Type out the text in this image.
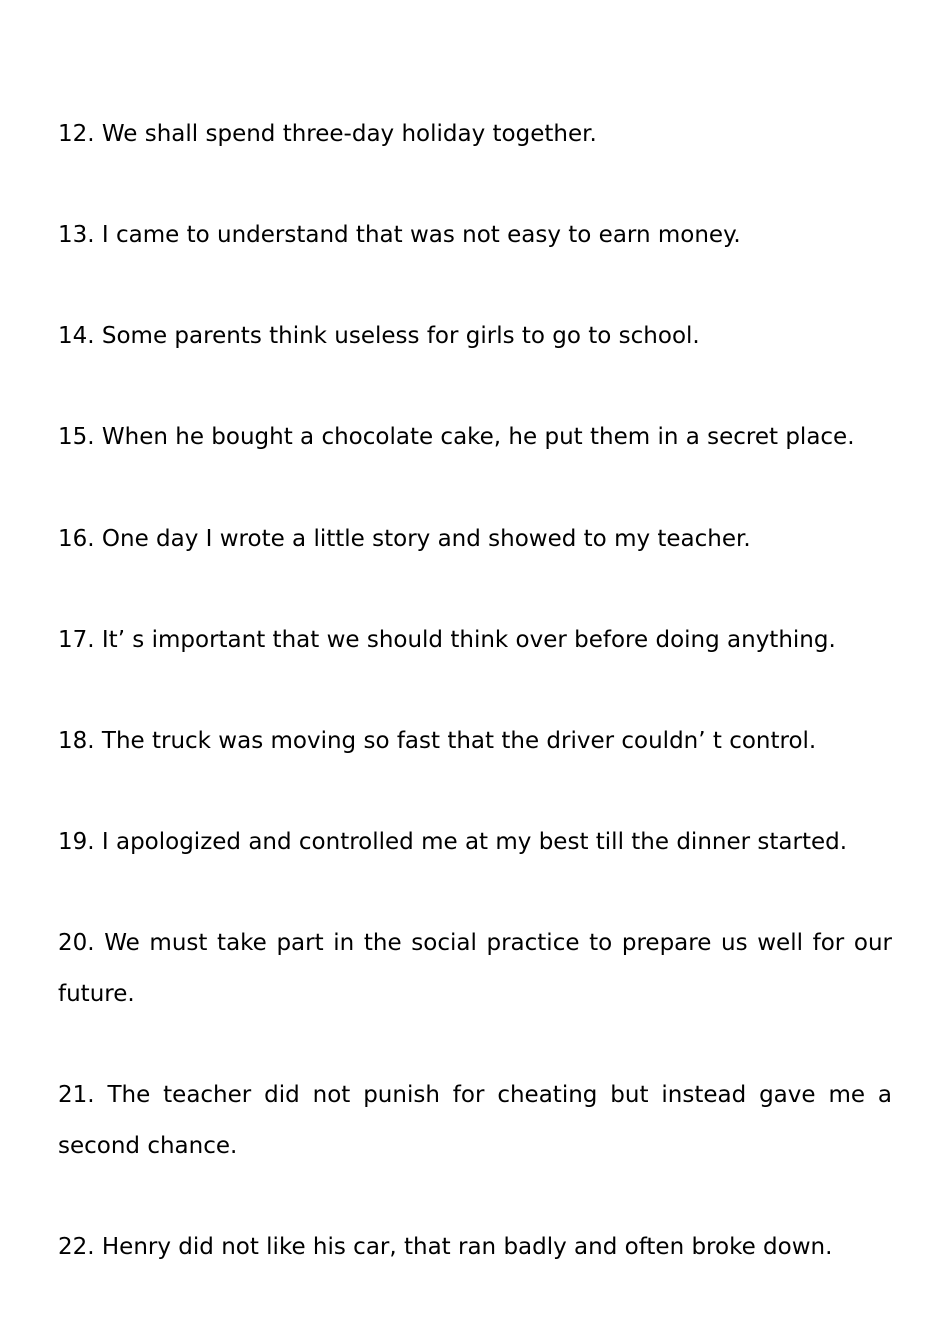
12. We shall spend three-day holiday together.

13. I came to understand that was not easy to earn money.

14. Some parents think useless for girls to go to school.

15. When he bought a chocolate cake, he put them in a secret place.

16. One day I wrote a little story and showed to my teacher.

17. It’ s important that we should think over before doing anything.

18. The truck was moving so fast that the driver couldn’ t control.

19. I apologized and controlled me at my best till the dinner started.

20. We must take part in the social practice to prepare us well for our future.

21. The teacher did not punish for cheating but instead gave me a second chance.

22. Henry did not like his car, that ran badly and often broke down.
